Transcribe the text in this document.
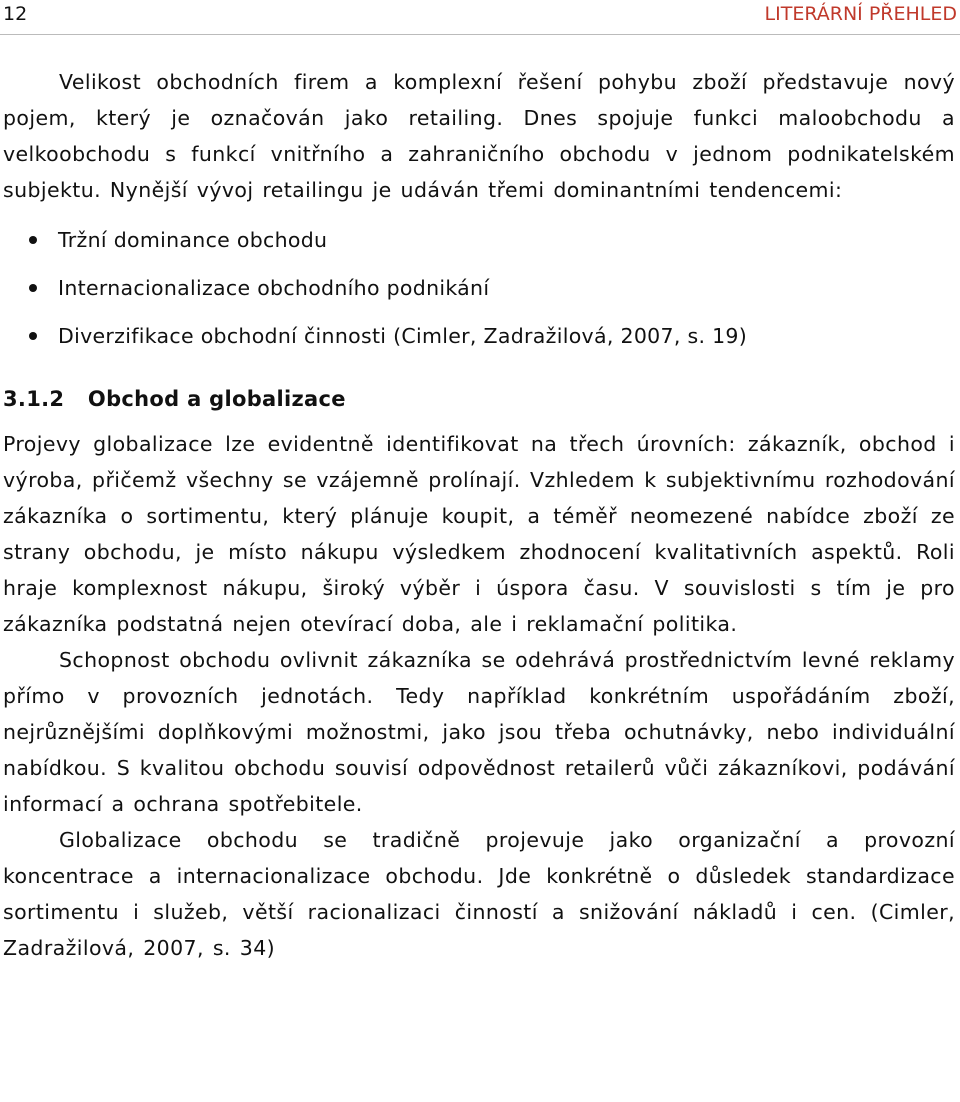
12	LITERÁRNÍ PŘEHLED

Velikost obchodních firem a komplexní řešení pohybu zboží představuje nový pojem, který je označován jako retailing. Dnes spojuje funkci maloobchodu a velkoobchodu s funkcí vnitřního a zahraničního obchodu v jednom podnikatelském subjektu. Nynější vývoj retailingu je udáván třemi dominantními tendencemi:

Tržní dominance obchodu
Internacionalizace obchodního podnikání
Diverzifikace obchodní činnosti (Cimler, Zadražilová, 2007, s. 19)
3.1.2 Obchod a globalizace

Projevy globalizace lze evidentně identifikovat na třech úrovních: zákazník, obchod i výroba, přičemž všechny se vzájemně prolínají. Vzhledem k subjektivnímu rozhodování zákazníka o sortimentu, který plánuje koupit, a téměř neomezené nabídce zboží ze strany obchodu, je místo nákupu výsledkem zhodnocení kvalitativních aspektů. Roli hraje komplexnost nákupu, široký výběr i úspora času. V souvislosti s tím je pro zákazníka podstatná nejen otevírací doba, ale i reklamační politika.

Schopnost obchodu ovlivnit zákazníka se odehrává prostřednictvím levné reklamy přímo v provozních jednotách. Tedy například konkrétním uspořádáním zboží, nejrůznějšími doplňkovými možnostmi, jako jsou třeba ochutnávky, nebo individuální nabídkou. S kvalitou obchodu souvisí odpovědnost retailerů vůči zákazníkovi, podávání informací a ochrana spotřebitele.

Globalizace obchodu se tradičně projevuje jako organizační a provozní koncentrace a internacionalizace obchodu. Jde konkrétně o důsledek standardizace sortimentu i služeb, větší racionalizaci činností a snižování nákladů i cen. (Cimler, Zadražilová, 2007, s. 34)
